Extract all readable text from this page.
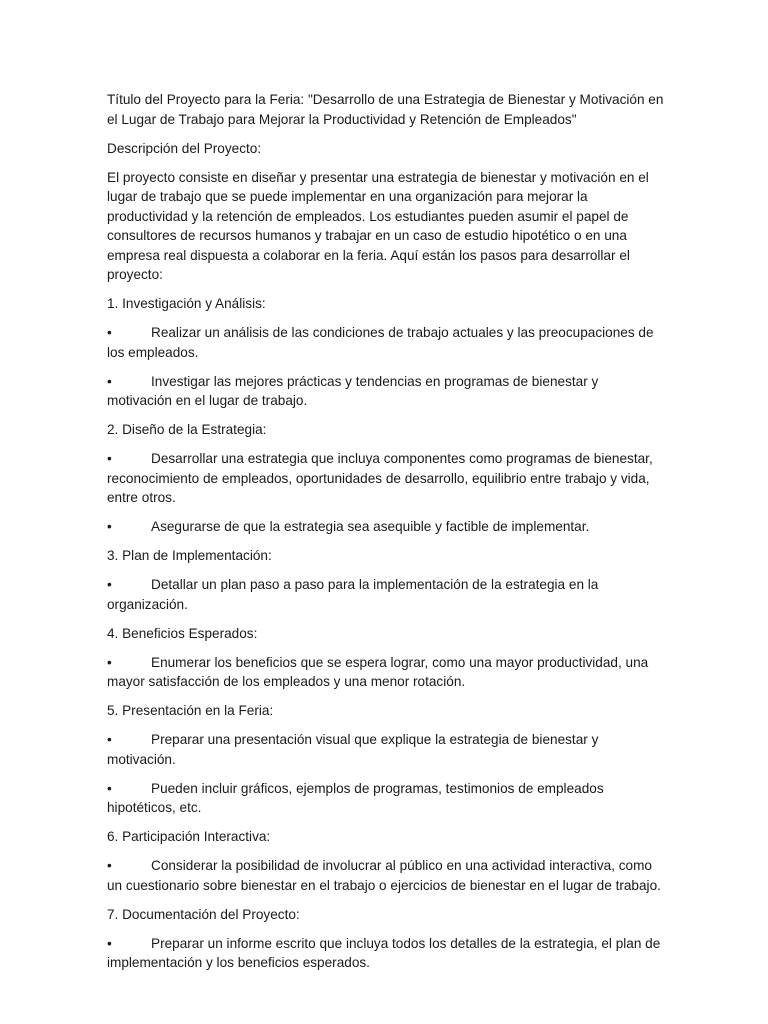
Título del Proyecto para la Feria: "Desarrollo de una Estrategia de Bienestar y Motivación en el Lugar de Trabajo para Mejorar la Productividad y Retención de Empleados"

Descripción del Proyecto:

El proyecto consiste en diseñar y presentar una estrategia de bienestar y motivación en el lugar de trabajo que se puede implementar en una organización para mejorar la productividad y la retención de empleados. Los estudiantes pueden asumir el papel de consultores de recursos humanos y trabajar en un caso de estudio hipotético o en una empresa real dispuesta a colaborar en la feria. Aquí están los pasos para desarrollar el proyecto:

1. Investigación y Análisis:

•	Realizar un análisis de las condiciones de trabajo actuales y las preocupaciones de los empleados.
•	Investigar las mejores prácticas y tendencias en programas de bienestar y motivación en el lugar de trabajo.

2. Diseño de la Estrategia:

•	Desarrollar una estrategia que incluya componentes como programas de bienestar, reconocimiento de empleados, oportunidades de desarrollo, equilibrio entre trabajo y vida, entre otros.
•	Asegurarse de que la estrategia sea asequible y factible de implementar.

3. Plan de Implementación:

•	Detallar un plan paso a paso para la implementación de la estrategia en la organización.

4. Beneficios Esperados:

•	Enumerar los beneficios que se espera lograr, como una mayor productividad, una mayor satisfacción de los empleados y una menor rotación.

5. Presentación en la Feria:

•	Preparar una presentación visual que explique la estrategia de bienestar y motivación.
•	Pueden incluir gráficos, ejemplos de programas, testimonios de empleados hipotéticos, etc.

6. Participación Interactiva:

•	Considerar la posibilidad de involucrar al público en una actividad interactiva, como un cuestionario sobre bienestar en el trabajo o ejercicios de bienestar en el lugar de trabajo.

7. Documentación del Proyecto:

•	Preparar un informe escrito que incluya todos los detalles de la estrategia, el plan de implementación y los beneficios esperados.
